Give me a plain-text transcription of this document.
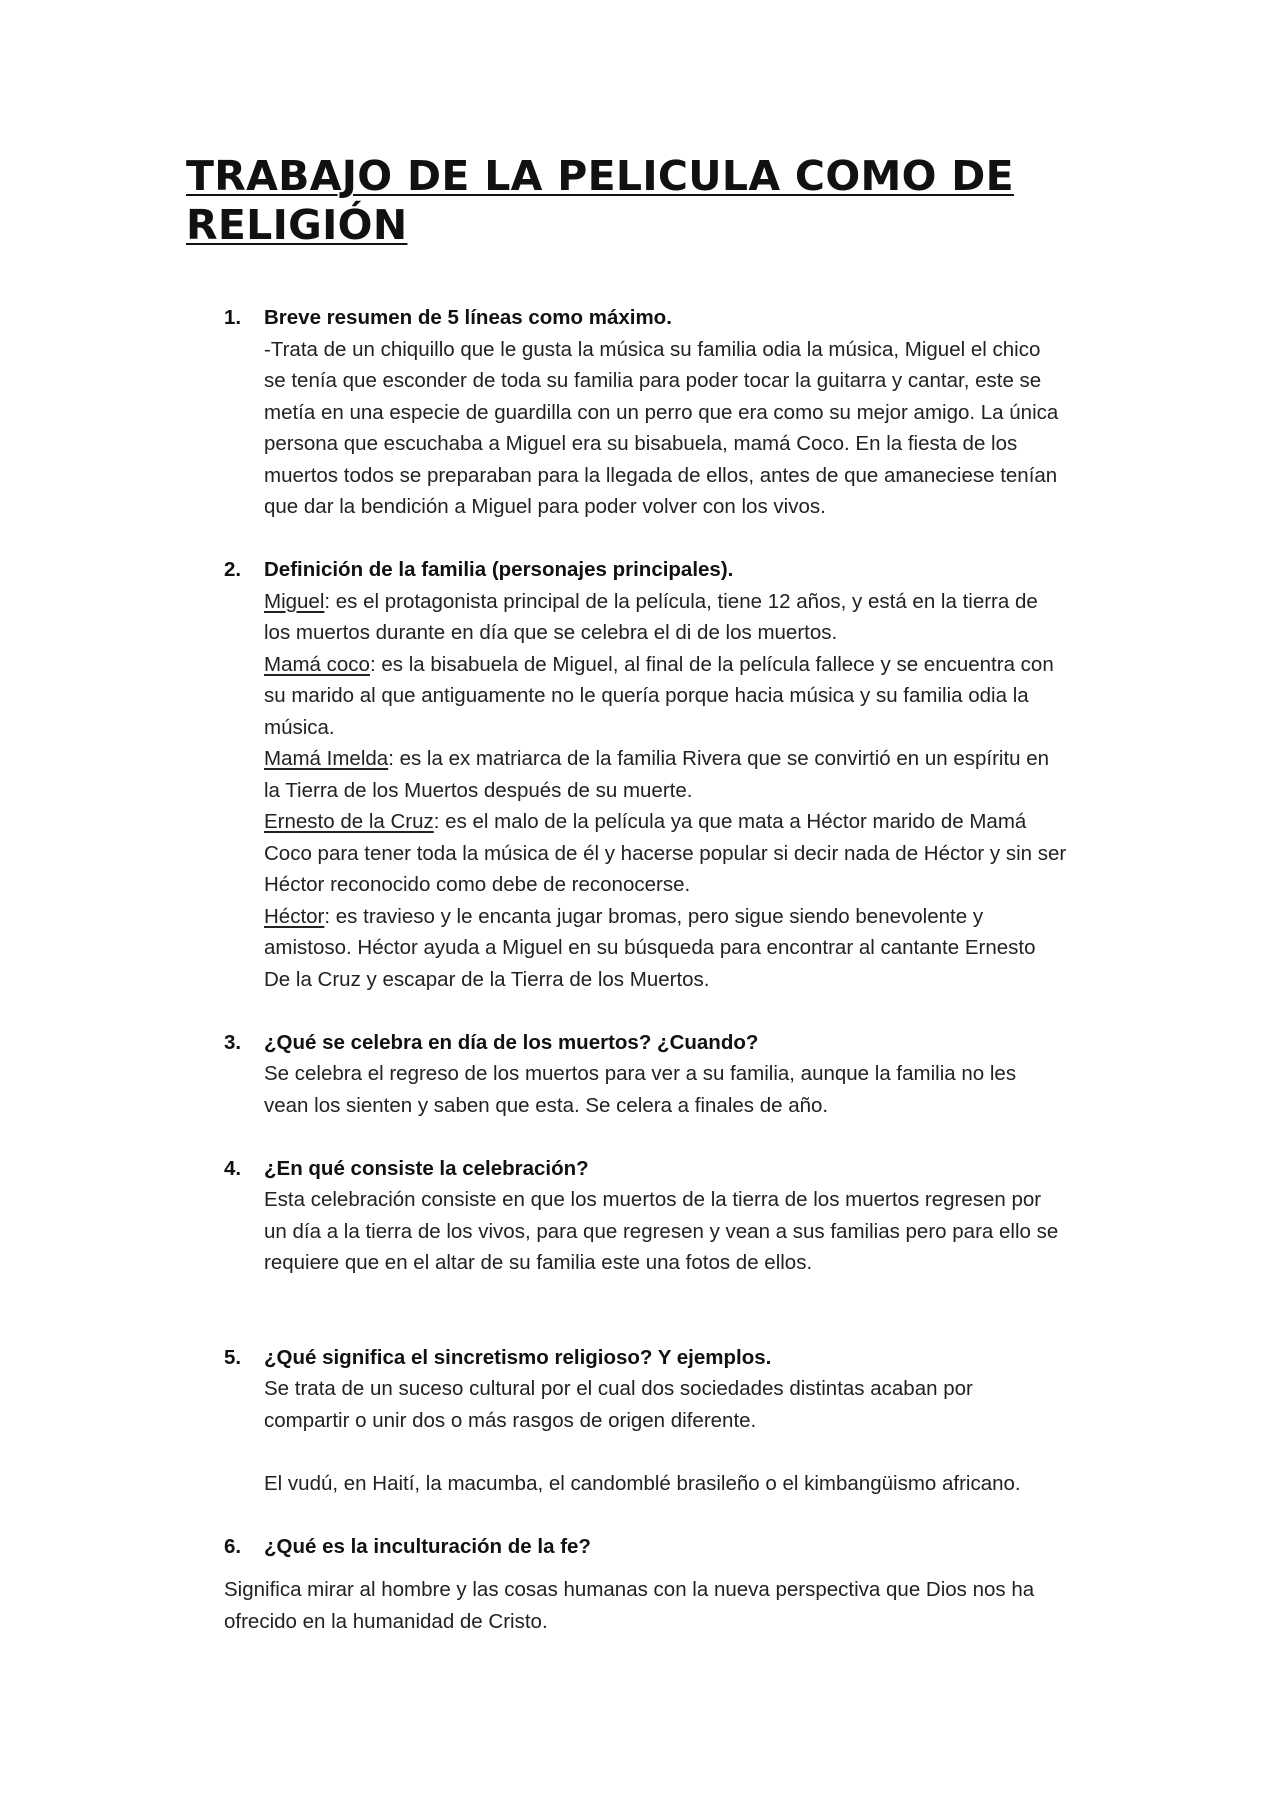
TRABAJO DE LA PELICULA COMO DE
RELIGIÓN
1. Breve resumen de 5 líneas como máximo.
-Trata de un chiquillo que le gusta la música su familia odia la música, Miguel el chico
se tenía que esconder de toda su familia para poder tocar la guitarra y cantar, este se
metía en una especie de guardilla con un perro que era como su mejor amigo. La única
persona que escuchaba a Miguel era su bisabuela, mamá Coco. En la fiesta de los
muertos todos se preparaban para la llegada de ellos, antes de que amaneciese tenían
que dar la bendición a Miguel para poder volver con los vivos.
2. Definición de la familia (personajes principales).
Miguel: es el protagonista principal de la película, tiene 12 años, y está en la tierra de
los muertos durante en día que se celebra el di de los muertos.
Mamá coco: es la bisabuela de Miguel, al final de la película fallece y se encuentra con
su marido al que antiguamente no le quería porque hacia música y su familia odia la
música.
Mamá Imelda: es la ex matriarca de la familia Rivera que se convirtió en un espíritu en
la Tierra de los Muertos después de su muerte.
Ernesto de la Cruz: es el malo de la película ya que mata a Héctor marido de Mamá
Coco para tener toda la música de él y hacerse popular si decir nada de Héctor y sin ser
Héctor reconocido como debe de reconocerse.
Héctor: es travieso y le encanta jugar bromas, pero sigue siendo benevolente y
amistoso. Héctor ayuda a Miguel en su búsqueda para encontrar al cantante Ernesto
De la Cruz y escapar de la Tierra de los Muertos.
3. ¿Qué se celebra en día de los muertos? ¿Cuando?
Se celebra el regreso de los muertos para ver a su familia, aunque la familia no les
vean los sienten y saben que esta. Se celera a finales de año.
4. ¿En qué consiste la celebración?
Esta celebración consiste en que los muertos de la tierra de los muertos regresen por
un día a la tierra de los vivos, para que regresen y vean a sus familias pero para ello se
requiere que en el altar de su familia este una fotos de ellos.
5. ¿Qué significa el sincretismo religioso? Y ejemplos.
Se trata de un suceso cultural por el cual dos sociedades distintas acaban por
compartir o unir dos o más rasgos de origen diferente.
El vudú, en Haití, la macumba, el candomblé brasileño o el kimbangüismo africano.
6. ¿Qué es la inculturación de la fe?
Significa mirar al hombre y las cosas humanas con la nueva perspectiva que Dios nos ha
ofrecido en la humanidad de Cristo.
